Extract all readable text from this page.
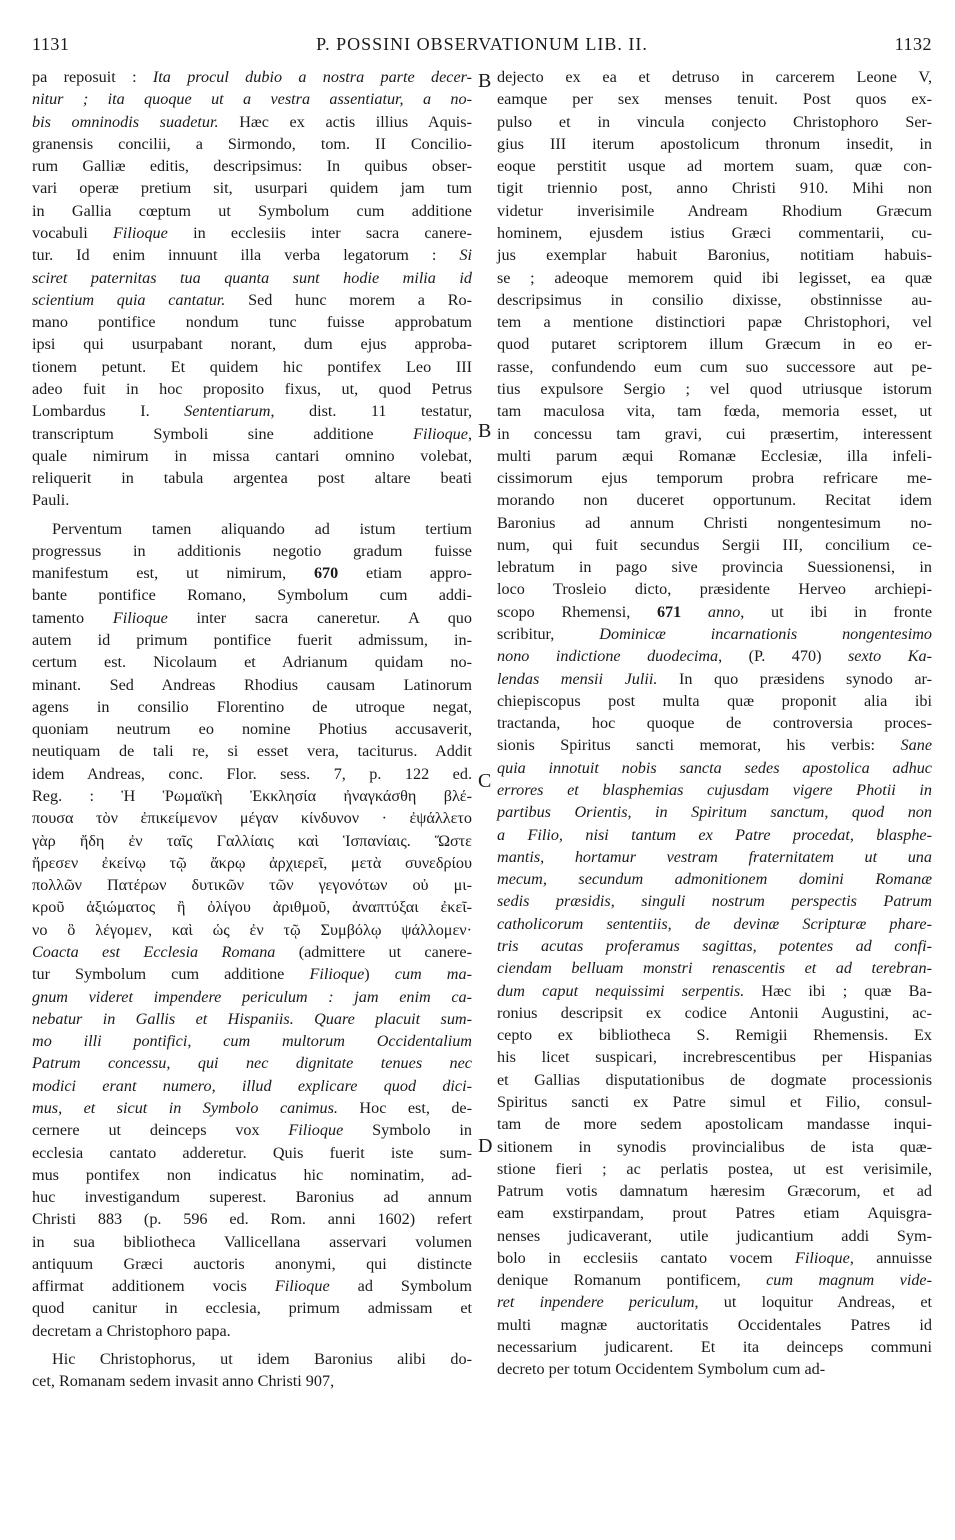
1131	P. POSSINI OBSERVATIONUM LIB. II.	1132
pa reposuit : Ita procul dubio a nostra parte decer-
nitur ; ita quoque ut a vestra assentiatur, a no-
bis omninodis suadetur. Hæc ex actis illius Aquis-
granensis concilii, a Sirmondo, tom. II Concilio-
rum Galliæ editis, descripsimus: In quibus obser-
vari operæ pretium sit, usurpari quidem jam tum
in Gallia cœptum ut Symbolum cum additione
vocabuli Filioque in ecclesiis inter sacra canere-
tur. Id enim innuunt illa verba legatorum : Si
sciret paternitas tua quanta sunt hodie milia id
scientium quia cantatur. Sed hunc morem a Ro-
mano pontifice nondum tunc fuisse approbatum
ipsi qui usurpabant norant, dum ejus approba-
tionem petunt. Et quidem hic pontifex Leo III
adeo fuit in hoc proposito fixus, ut, quod Petrus
Lombardus I. Sententiarum, dist. 11 testatur,
transcriptum Symboli sine additione Filioque,
quale nimirum in missa cantari omnino volebat,
reliquerit in tabula argentea post altare beati
Pauli.
Perventum tamen aliquando ad istum tertium
progressus in additionis negotio gradum fuisse
manifestum est, ut nimirum, 670 etiam appro-
bante pontifice Romano, Symbolum cum addi-
tamento Filioque inter sacra caneretur. A quo
autem id primum pontifice fuerit admissum, in-
certum est. Nicolaum et Adrianum quidam no-
minant. Sed Andreas Rhodius causam Latinorum
agens in consilio Florentino de utroque negat,
quoniam neutrum eo nomine Photius accusaverit,
neutiquam de tali re, si esset vera, taciturus. Addit
idem Andreas, conc. Flor. sess. 7, p. 122 ed.
Reg. : Ἡ Ῥωμαϊκὴ Ἐκκλησία ἠναγκάσθη βλέ-
πουσα τὸν ἐπικείμενον μέγαν κίνδυνον · ἐψάλλετο
γὰρ ἤδη ἐν ταῖς Γαλλίαις καὶ Ἱσπανίαις. Ὥστε
ἤρεσεν ἐκείνῳ τῷ ἄκρῳ ἀρχιερεῖ, μετὰ συνεδρίου
πολλῶν Πατέρων δυτικῶν τῶν γεγονότων οὐ μι-
κροῦ ἀξιώματος ἢ ὀλίγου ἀριθμοῦ, ἀναπτύξαι ἐκεῖ-
νο ὃ λέγομεν, καὶ ὡς ἐν τῷ Συμβόλῳ ψάλλομεν·
Coacta est Ecclesia Romana (admittere ut canere-
tur Symbolum cum additione Filioque) cum ma-
gnum videret impendere periculum : jam enim ca-
nebatur in Gallis et Hispaniis. Quare placuit sum-
mo illi pontifici, cum multorum Occidentalium
Patrum concessu, qui nec dignitate tenues nec
modici erant numero, illud explicare quod dici-
mus, et sicut in Symbolo canimus. Hoc est, de-
cernere ut deinceps vox Filioque Symbolo in
ecclesia cantato adderetur. Quis fuerit iste sum-
mus pontifex non indicatus hic nominatim, ad-
huc investigandum superest. Baronius ad annum
Christi 883 (p. 596 ed. Rom. anni 1602) refert
in sua bibliotheca Vallicellana asservari volumen
antiquum Græci auctoris anonymi, qui distincte
affirmat additionem vocis Filioque ad Symbolum
quod canitur in ecclesia, primum admissam et
decretam a Christophoro papa.
Hic Christophorus, ut idem Baronius alibi do-
cet, Romanam sedem invasit anno Christi 907,
dejecto ex ea et detruso in carcerem Leone V,
eamque per sex menses tenuit. Post quos ex-
pulso et in vincula conjecto Christophoro Ser-
gius III iterum apostolicum thronum insedit, in
eoque perstitit usque ad mortem suam, quæ con-
tigit triennio post, anno Christi 910. Mihi non
videtur inverisimile Andream Rhodium Græcum
hominem, ejusdem istius Græci commentarii, cu-
jus exemplar habuit Baronius, notitiam habuis-
se ; adeoque memorem quid ibi legisset, ea quæ
descripsimus in consilio dixisse, obstinnisse au-
tem a mentione distinctiori papæ Christophori, vel
quod putaret scriptorem illum Græcum in eo er-
rasse, confundendo eum cum suo successore aut pe-
tius expulsore Sergio ; vel quod utriusque istorum
tam maculosa vita, tam fœda, memoria esset, ut
in concessu tam gravi, cui præsertim, interessent
multi parum æqui Romanæ Ecclesiæ, illa infeli-
cissimorum ejus temporum probra refricare me-
morando non duceret opportunum. Recitat idem
Baronius ad annum Christi nongentesimum no-
num, qui fuit secundus Sergii III, concilium ce-
lebratum in pago sive provincia Suessionensi, in
loco Trosleio dicto, præsidente Herveo archiepi-
scopo Rhemensi, 671 anno, ut ibi in fronte
scribitur, Dominicæ incarnationis nongentesimo
nono indictione duodecima, (P. 470) sexto Ka-
lendas mensii Julii. In quo præsidens synodo ar-
chiepiscopus post multa quæ proponit alia ibi
tractanda, hoc quoque de controversia proces-
sionis Spiritus sancti memorat, his verbis: Sane
quia innotuit nobis sancta sedes apostolica adhuc
errores et blasphemias cujusdam vigere Photii in
partibus Orientis, in Spiritum sanctum, quod non
a Filio, nisi tantum ex Patre procedat, blasphe-
mantis, hortamur vestram fraternitatem ut una
mecum, secundum admonitionem domini Romanæ
sedis præsidis, singuli nostrum perspectis Patrum
catholicorum sententiis, de devinæ Scripturæ phare-
tris acutas proferamus sagittas, potentes ad confi-
ciendam belluam monstri renascentis et ad terebran-
dum caput nequissimi serpentis. Hæc ibi ; quæ Ba-
ronius descripsit ex codice Antonii Augustini, ac-
cepto ex bibliotheca S. Remigii Rhemensis. Ex
his licet suspicari, increbrescentibus per Hispanias
et Gallias disputationibus de dogmate processionis
Spiritus sancti ex Patre simul et Filio, consul-
tam de more sedem apostolicam mandasse inqui-
sitionem in synodis provincialibus de ista quæ-
stione fieri ; ac perlatis postea, ut est verisimile,
Patrum votis damnatum hæresim Græcorum, et ad
eam exstirpandam, prout Patres etiam Aquisgra-
nenses judicaverant, utile judicantium addi Sym-
bolo in ecclesiis cantato vocem Filioque, annuisse
denique Romanum pontificem, cum magnum vide-
ret inpendere periculum, ut loquitur Andreas, et
multi magnæ auctoritatis Occidentales Patres id
necessarium judicarent. Et ita deinceps communi
decreto per totum Occidentem Symbolum cum ad-
B
B
C
D
